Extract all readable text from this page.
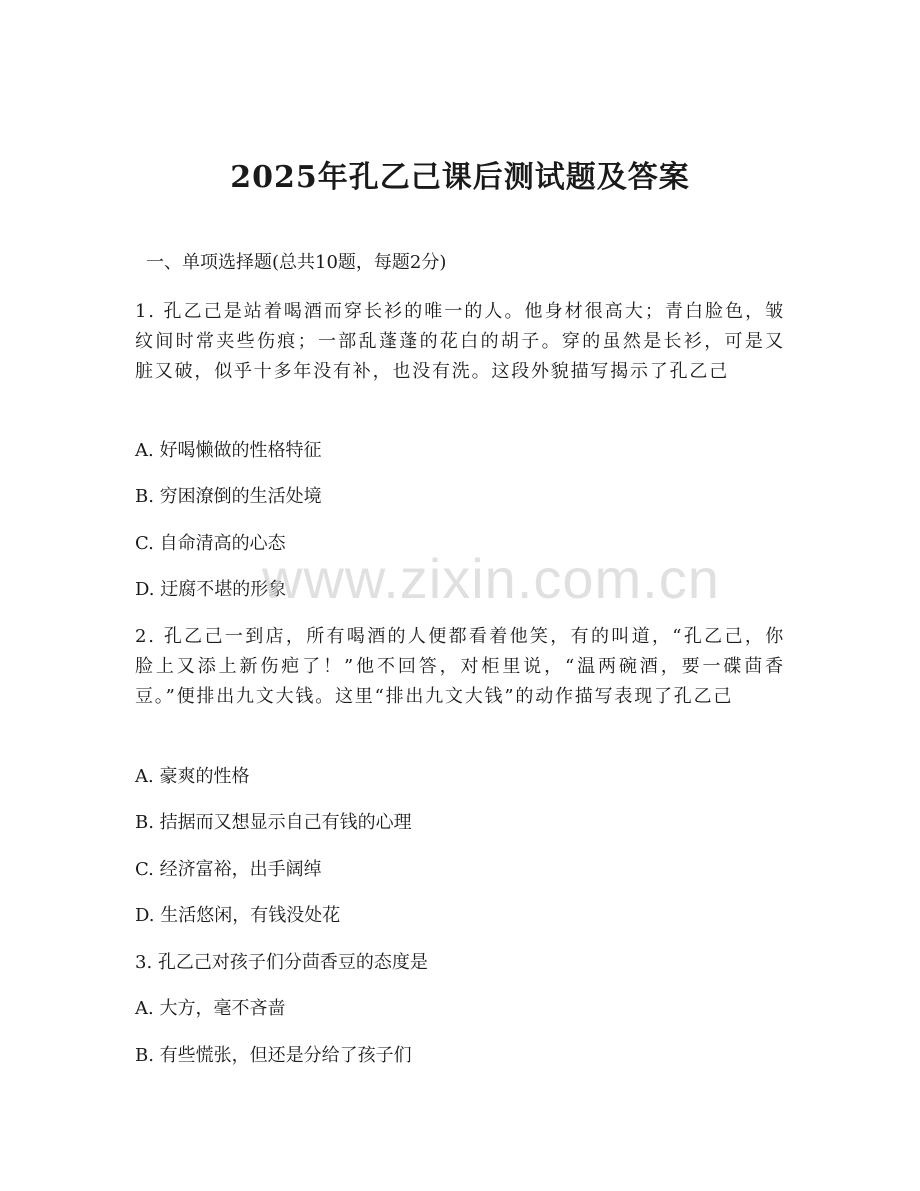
2025年孔乙己课后测试题及答案

一、单项选择题(总共10题，每题2分)

1. 孔乙己是站着喝酒而穿长衫的唯一的人。他身材很高大；青白脸色，皱纹间时常夹些伤痕；一部乱蓬蓬的花白的胡子。穿的虽然是长衫，可是又脏又破，似乎十多年没有补，也没有洗。这段外貌描写揭示了孔乙己

A. 好喝懒做的性格特征

B. 穷困潦倒的生活处境

C. 自命清高的心态

D. 迂腐不堪的形象

2. 孔乙己一到店，所有喝酒的人便都看着他笑，有的叫道，“孔乙己，你脸上又添上新伤疤了！”他不回答，对柜里说，“温两碗酒，要一碟茴香豆。”便排出九文大钱。这里“排出九文大钱”的动作描写表现了孔乙己

A. 豪爽的性格

B. 拮据而又想显示自己有钱的心理

C. 经济富裕，出手阔绰

D. 生活悠闲，有钱没处花

3. 孔乙己对孩子们分茴香豆的态度是

A. 大方，毫不吝啬

B. 有些慌张，但还是分给了孩子们

www.zixin.com.cn
